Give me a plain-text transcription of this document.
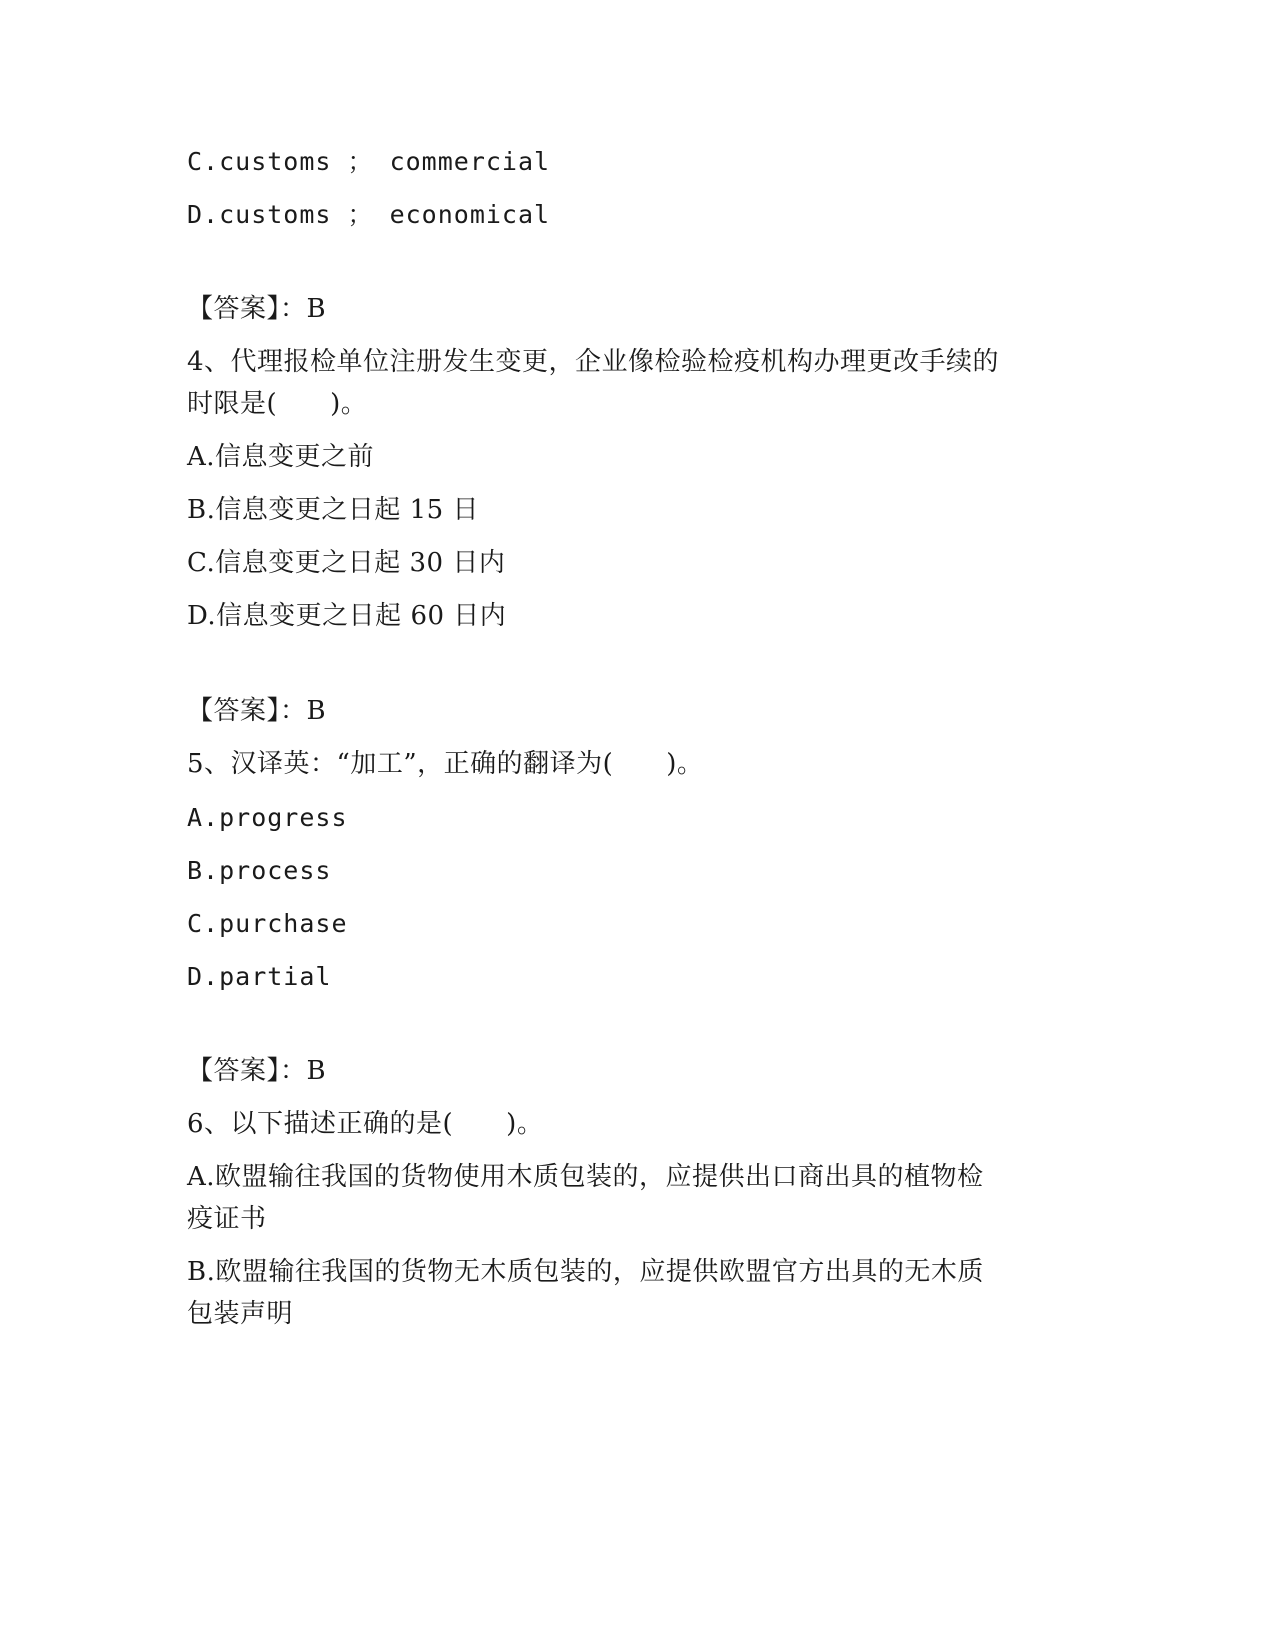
C.customs ； commercial

D.customs ； economical

【答案】：B

4、代理报检单位注册发生变更，企业像检验检疫机构办理更改手续的

时限是(　　)。

A.信息变更之前

B.信息变更之日起 15 日

C.信息变更之日起 30 日内

D.信息变更之日起 60 日内

【答案】：B

5、汉译英：“加工”，正确的翻译为(　　)。

A.progress

B.process

C.purchase

D.partial

【答案】：B

6、以下描述正确的是(　　)。

A.欧盟输往我国的货物使用木质包装的，应提供出口商出具的植物检

疫证书

B.欧盟输往我国的货物无木质包装的，应提供欧盟官方出具的无木质

包装声明
